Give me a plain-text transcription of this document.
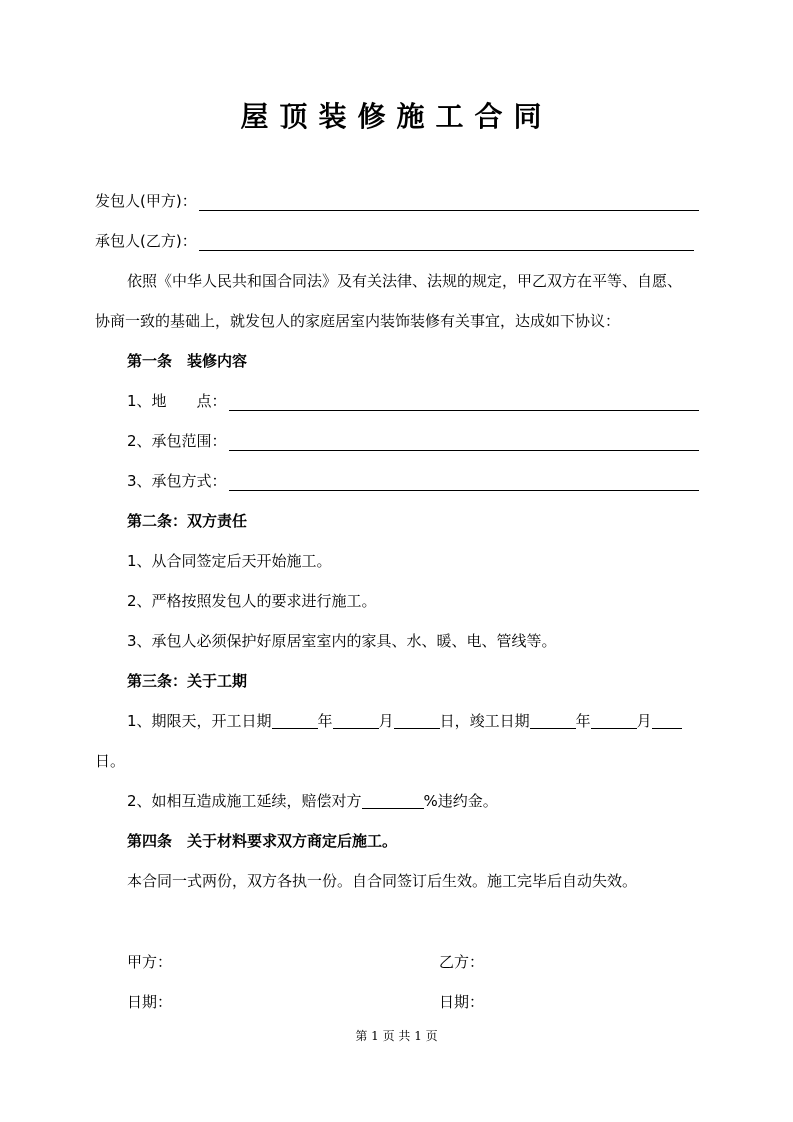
屋顶装修施工合同
发包人(甲方)：
承包人(乙方)：
依照《中华人民共和国合同法》及有关法律、法规的规定，甲乙双方在平等、自愿、
协商一致的基础上，就发包人的家庭居室内装饰装修有关事宜，达成如下协议：
第一条　装修内容
1、地　　点：
2、承包范围：
3、承包方式：
第二条：双方责任
1、从合同签定后天开始施工。
2、严格按照发包人的要求进行施工。
3、承包人必须保护好原居室室内的家具、水、暖、电、管线等。
第三条：关于工期
1、期限天，开工日期	年	月	日，竣工日期	年	月
日。
2、如相互造成施工延续，赔偿对方	%违约金。
第四条　关于材料要求双方商定后施工。
本合同一式两份，双方各执一份。自合同签订后生效。施工完毕后自动失效。
甲方：	乙方：
日期：	日期：
第 1 页 共 1 页
